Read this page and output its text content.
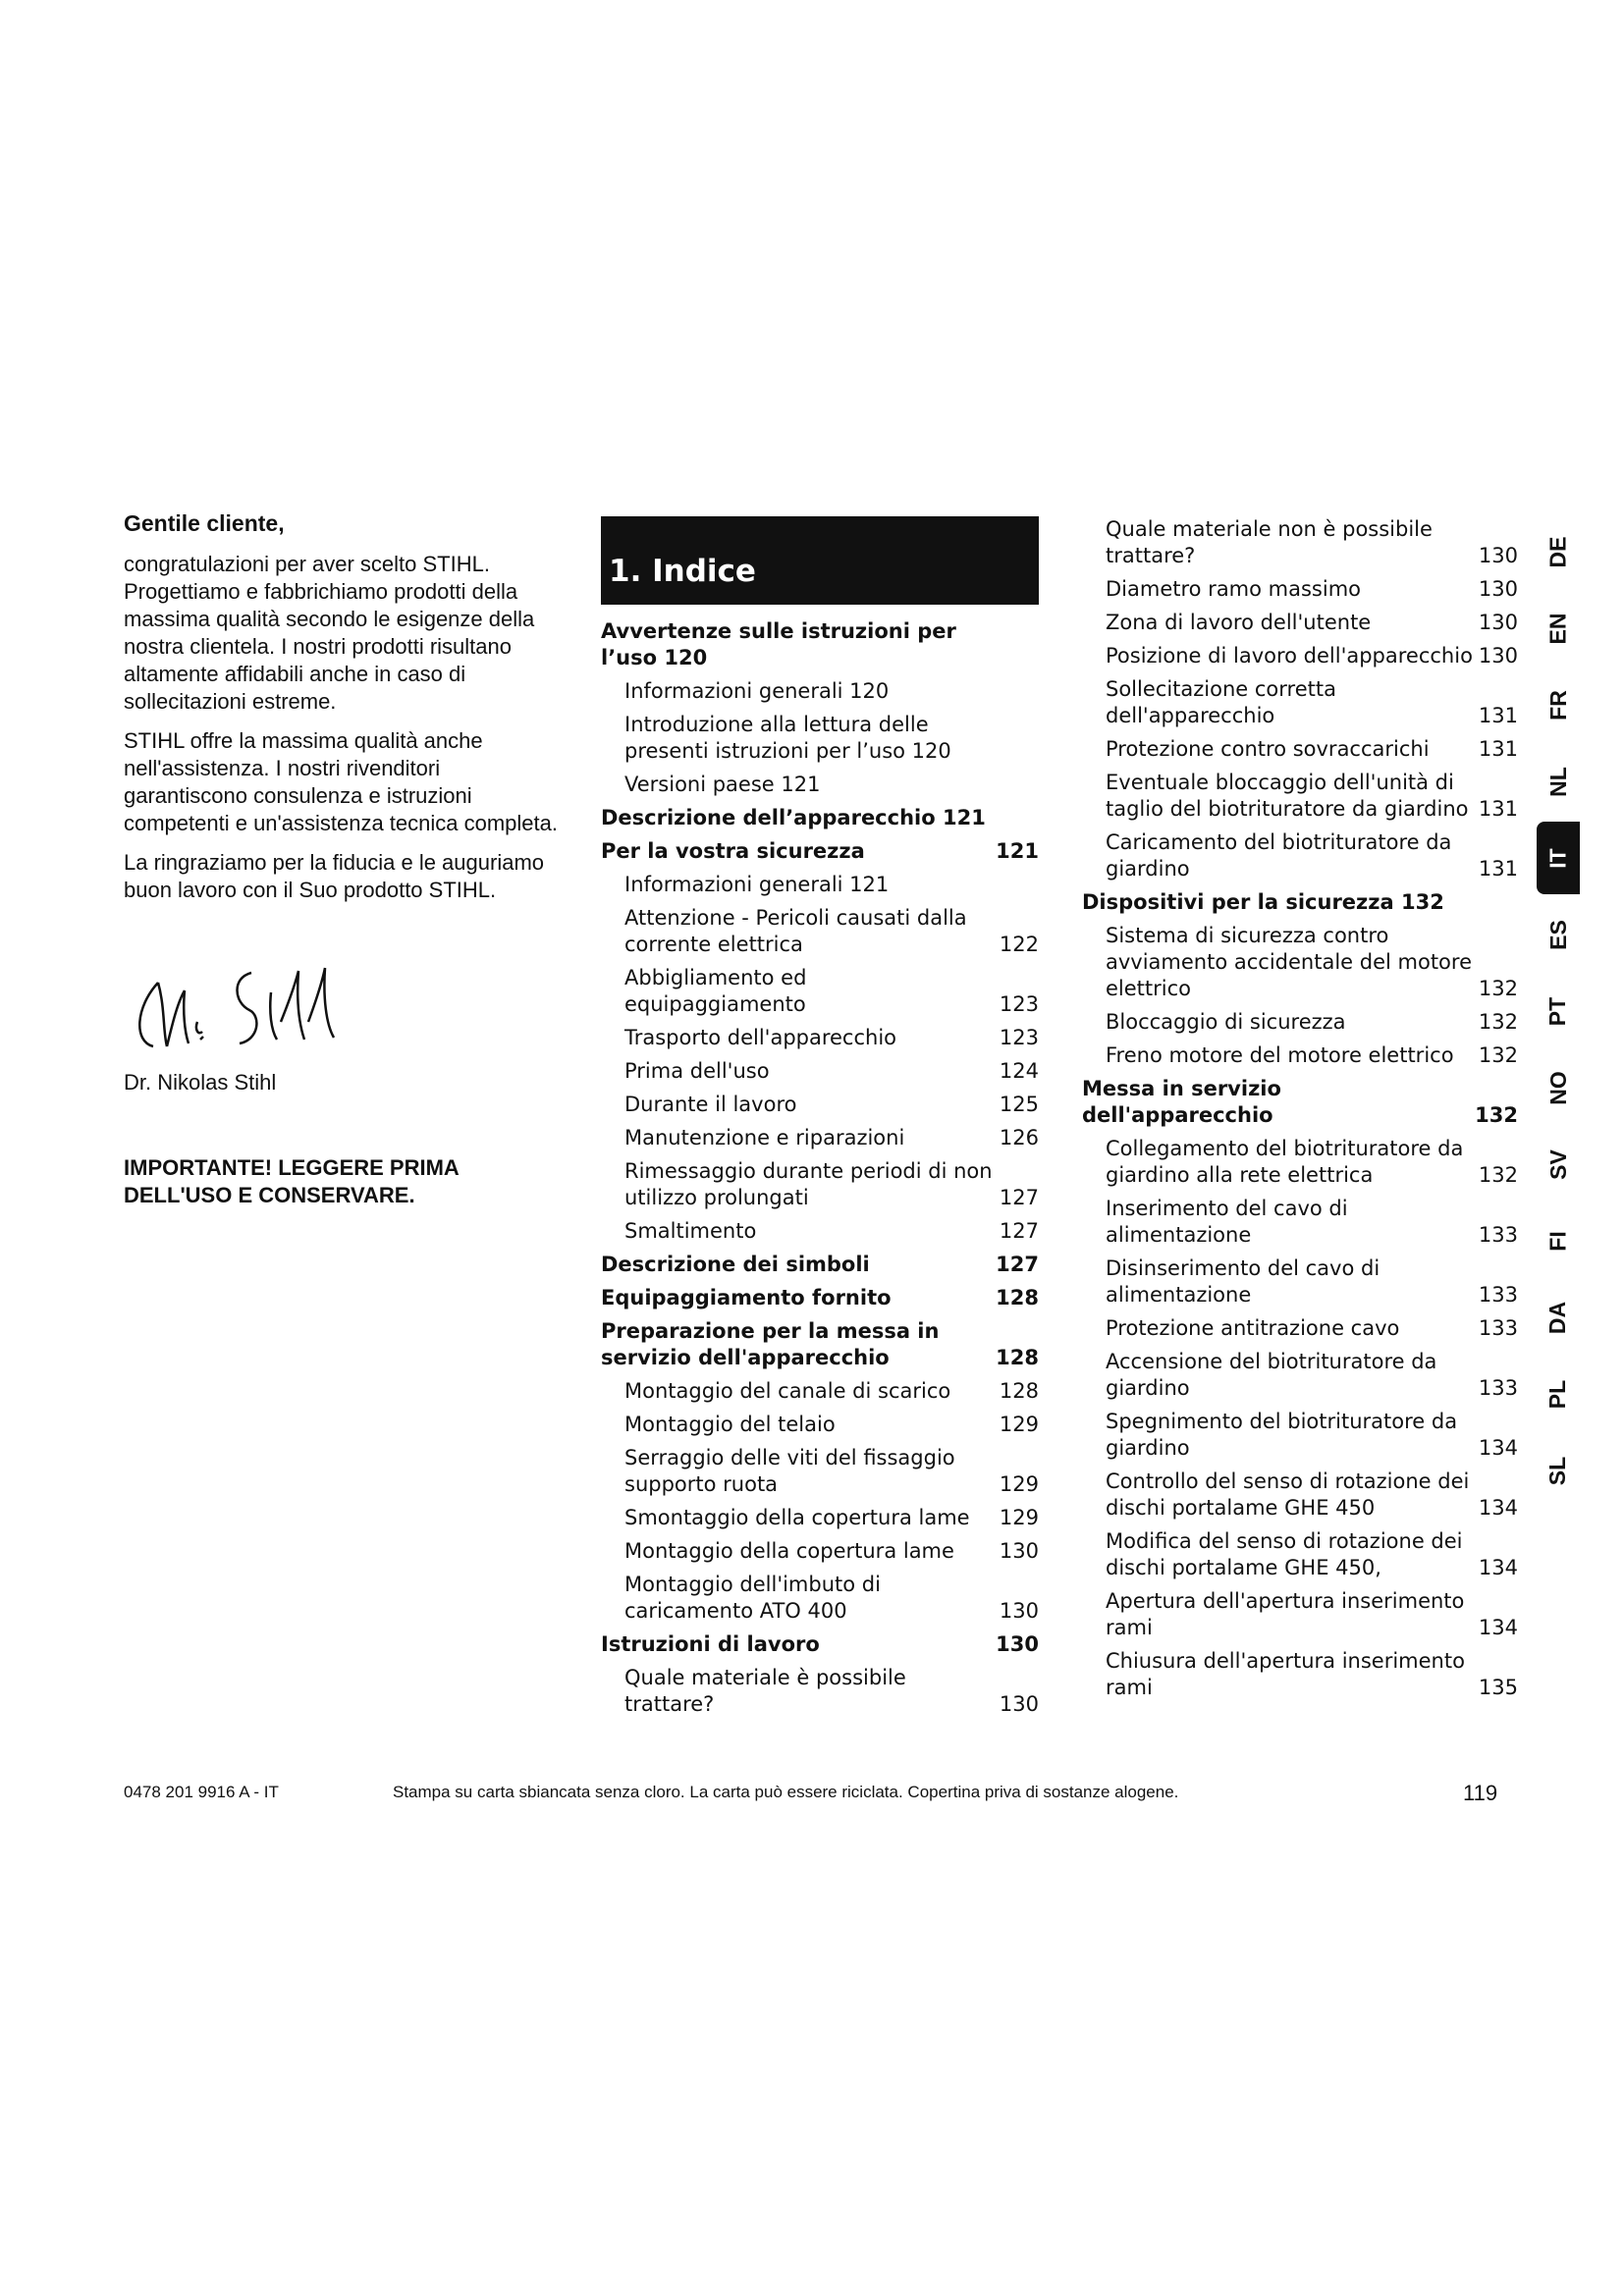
Gentile cliente,

congratulazioni per aver scelto STIHL. Progettiamo e fabbrichiamo prodotti della massima qualità secondo le esigenze della nostra clientela. I nostri prodotti risultano altamente affidabili anche in caso di sollecitazioni estreme.

STIHL offre la massima qualità anche nell'assistenza. I nostri rivenditori garantiscono consulenza e istruzioni competenti e un'assistenza tecnica completa.

La ringraziamo per la fiducia e le auguriamo buon lavoro con il Suo prodotto STIHL.

Dr. Nikolas Stihl
IMPORTANTE! LEGGERE PRIMA DELL'USO E CONSERVARE.
1. Indice
Avvertenze sulle istruzioni per l’uso 120
Informazioni generali 120
Introduzione alla lettura delle presenti istruzioni per l’uso 120
Versioni paese 121
Descrizione dell’apparecchio 121
Per la vostra sicurezza	121
Informazioni generali 121
Attenzione - Pericoli causati dalla corrente elettrica	122
Abbigliamento ed equipaggiamento	123
Trasporto dell'apparecchio	123
Prima dell'uso	124
Durante il lavoro	125
Manutenzione e riparazioni	126
Rimessaggio durante periodi di non utilizzo prolungati	127
Smaltimento	127
Descrizione dei simboli	127
Equipaggiamento fornito	128
Preparazione per la messa in servizio dell'apparecchio	128
Montaggio del canale di scarico	128
Montaggio del telaio	129
Serraggio delle viti del fissaggio supporto ruota	129
Smontaggio della copertura lame	129
Montaggio della copertura lame	130
Montaggio dell'imbuto di caricamento ATO 400	130
Istruzioni di lavoro	130
Quale materiale è possibile trattare?	130
Quale materiale non è possibile trattare?	130
Diametro ramo massimo	130
Zona di lavoro dell'utente	130
Posizione di lavoro dell'apparecchio 130
Sollecitazione corretta dell'apparecchio	131
Protezione contro sovraccarichi	131
Eventuale bloccaggio dell'unità di taglio del biotrituratore da giardino 131
Caricamento del biotrituratore da giardino	131
Dispositivi per la sicurezza 132
Sistema di sicurezza contro avviamento accidentale del motore elettrico	132
Bloccaggio di sicurezza	132
Freno motore del motore elettrico	132
Messa in servizio dell'apparecchio	132
Collegamento del biotrituratore da giardino alla rete elettrica	132
Inserimento del cavo di alimentazione	133
Disinserimento del cavo di alimentazione	133
Protezione antitrazione cavo	133
Accensione del biotrituratore da giardino	133
Spegnimento del biotrituratore da giardino	134
Controllo del senso di rotazione dei dischi portalame GHE 450	134
Modifica del senso di rotazione dei dischi portalame GHE 450,	134
Apertura dell'apertura inserimento rami	134
Chiusura dell'apertura inserimento rami	135
DE
EN
FR
NL
IT
ES
PT
NO
SV
FI
DA
PL
SL
0478 201 9916 A - IT	Stampa su carta sbiancata senza cloro. La carta può essere riciclata. Copertina priva di sostanze alogene.	119
